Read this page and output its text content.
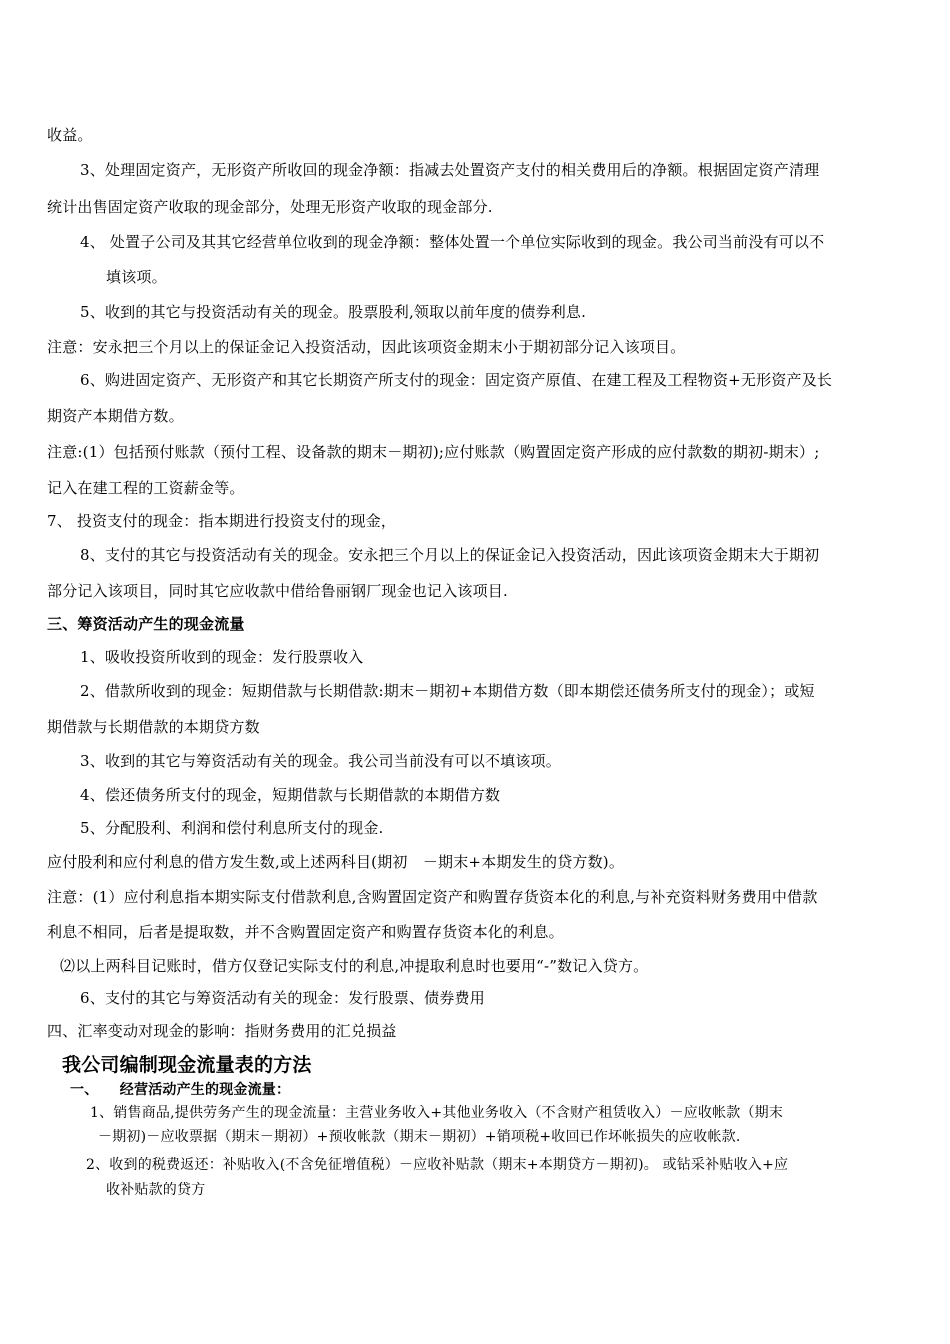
收益。
3、处理固定资产，无形资产所收回的现金净额：指减去处置资产支付的相关费用后的净额。根据固定资产清理
统计出售固定资产收取的现金部分，处理无形资产收取的现金部分.
4、 处置子公司及其其它经营单位收到的现金净额：整体处置一个单位实际收到的现金。我公司当前没有可以不
填该项。
5、收到的其它与投资活动有关的现金。股票股利,领取以前年度的债券利息.
注意：安永把三个月以上的保证金记入投资活动，因此该项资金期末小于期初部分记入该项目。
6、购进固定资产、无形资产和其它长期资产所支付的现金：固定资产原值、在建工程及工程物资+无形资产及长
期资产本期借方数。
注意:(1）包括预付账款（预付工程、设备款的期末－期初);应付账款（购置固定资产形成的应付款数的期初-期末）;
记入在建工程的工资薪金等。
7、 投资支付的现金：指本期进行投资支付的现金，
8、支付的其它与投资活动有关的现金。安永把三个月以上的保证金记入投资活动，因此该项资金期末大于期初
部分记入该项目，同时其它应收款中借给鲁丽钢厂现金也记入该项目.
三、筹资活动产生的现金流量
1、吸收投资所收到的现金：发行股票收入
2、借款所收到的现金：短期借款与长期借款:期末－期初+本期借方数（即本期偿还债务所支付的现金）；或短
期借款与长期借款的本期贷方数
3、收到的其它与筹资活动有关的现金。我公司当前没有可以不填该项。
4、偿还债务所支付的现金，短期借款与长期借款的本期借方数
5、分配股利、利润和偿付利息所支付的现金.
应付股利和应付利息的借方发生数,或上述两科目(期初　－期末+本期发生的贷方数)。
注意：(1）应付利息指本期实际支付借款利息,含购置固定资产和购置存货资本化的利息,与补充资料财务费用中借款
利息不相同，后者是提取数，并不含购置固定资产和购置存货资本化的利息。
⑵以上两科目记账时，借方仅登记实际支付的利息,冲提取利息时也要用“-”数记入贷方。
6、支付的其它与筹资活动有关的现金：发行股票、债券费用
四、汇率变动对现金的影响：指财务费用的汇兑损益
我公司编制现金流量表的方法
一、　　经营活动产生的现金流量：
1、销售商品,提供劳务产生的现金流量：主营业务收入+其他业务收入（不含财产租赁收入）－应收帐款（期末
－期初)－应收票据（期末－期初）+预收帐款（期末－期初）+销项税+收回已作坏帐损失的应收帐款.
2、收到的税费返还：补贴收入(不含免征增值税）－应收补贴款（期末+本期贷方－期初)。 或钻采补贴收入+应
收补贴款的贷方
